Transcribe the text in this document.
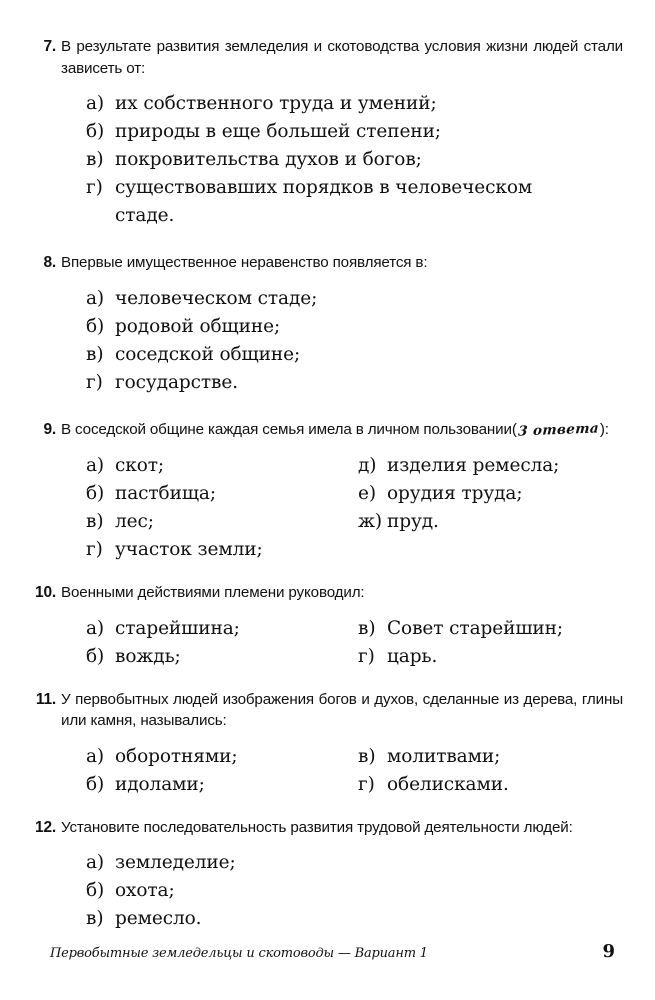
7. В результате развития земледелия и скотоводства условия жизни людей стали зависеть от:
а) их собственного труда и умений;
б) природы в еще большей степени;
в) покровительства духов и богов;
г) существовавших порядков в человеческом
стаде.
8. Впервые имущественное неравенство появляется в:
а) человеческом стаде;
б) родовой общине;
в) соседской общине;
г) государстве.
9. В соседской общине каждая семья имела в личном пользовании(3 ответа):
а) скот;
б) пастбища;
в) лес;
г) участок земли;
д) изделия ремесла;
е) орудия труда;
ж) пруд.
10. Военными действиями племени руководил:
а) старейшина;
б) вождь;
в) Совет старейшин;
г) царь.
11. У первобытных людей изображения богов и духов, сделанные из дерева, глины или камня, назывались:
а) оборотнями;
б) идолами;
в) молитвами;
г) обелисками.
12. Установите последовательность развития трудовой деятельности людей:
а) земледелие;
б) охота;
в) ремесло.
Первобытные земледельцы и скотоводы — Вариант 1	9
